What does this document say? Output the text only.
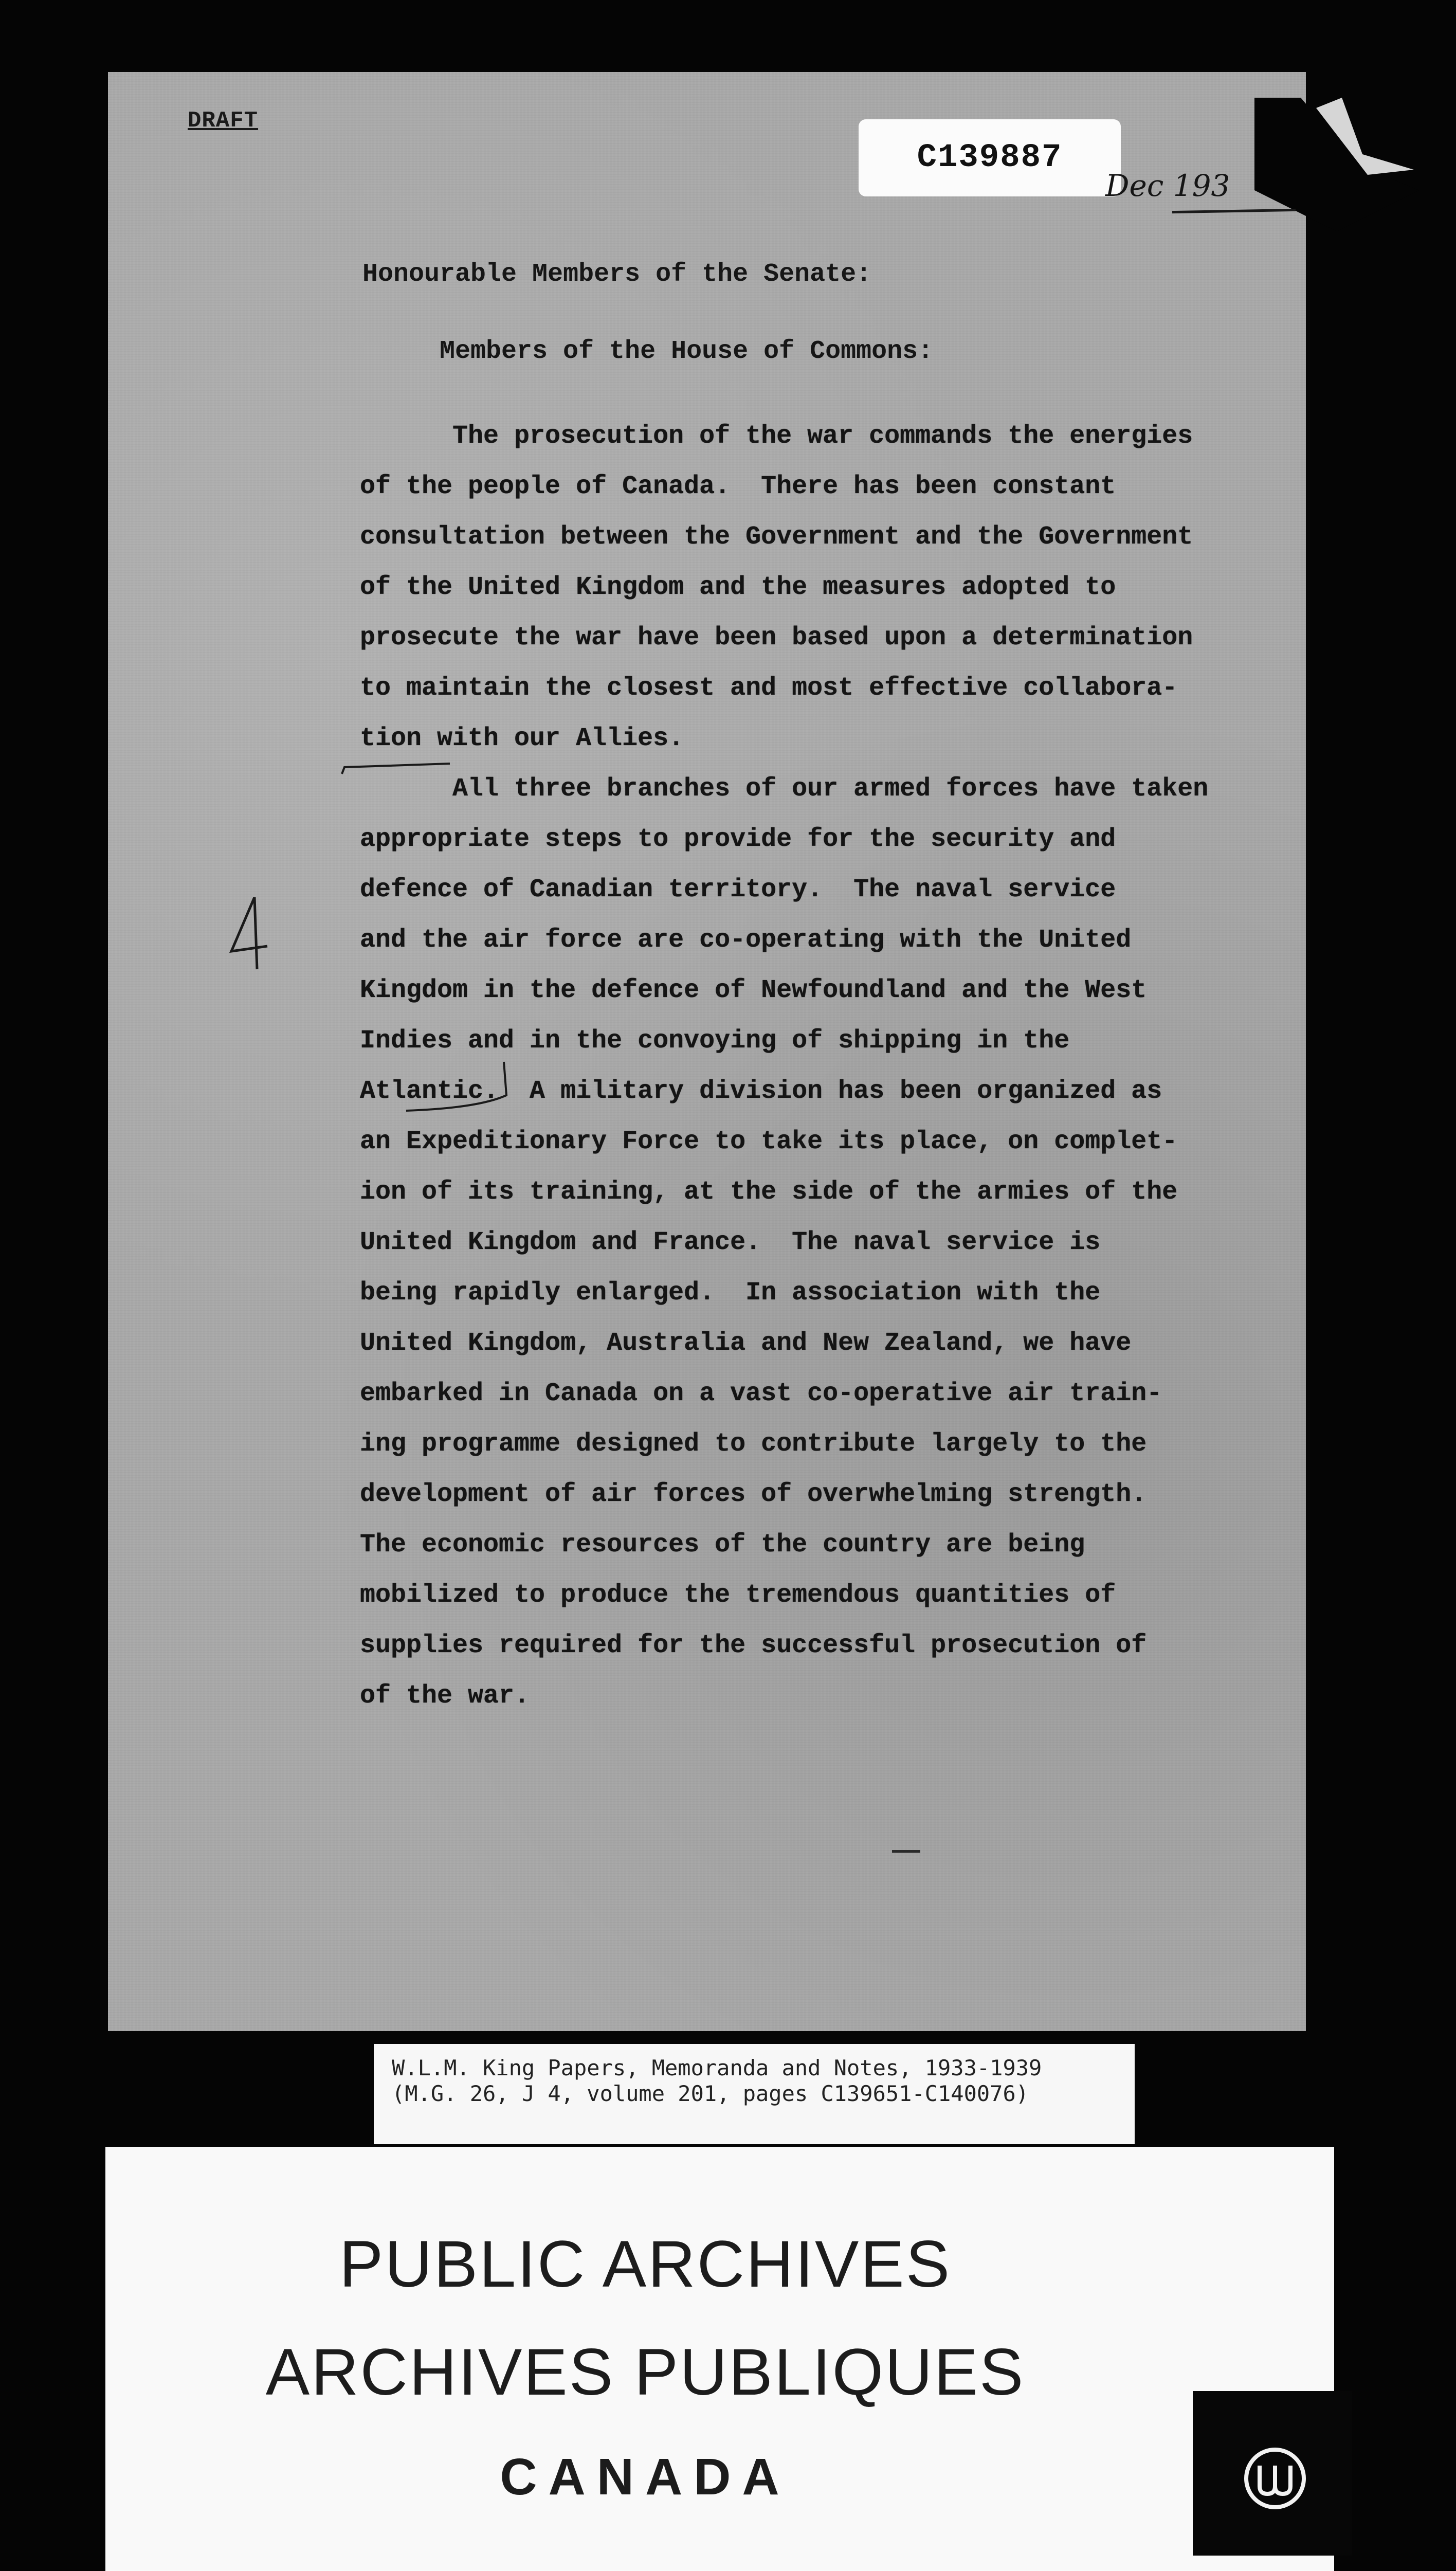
DRAFT
C139887
Dec 193
Honourable Members of the Senate:
Members of the House of Commons:
The prosecution of the war commands the energies
of the people of Canada.  There has been constant
consultation between the Government and the Government
of the United Kingdom and the measures adopted to
prosecute the war have been based upon a determination
to maintain the closest and most effective collabora-
tion with our Allies.
All three branches of our armed forces have taken
appropriate steps to provide for the security and
defence of Canadian territory.  The naval service
and the air force are co-operating with the United
Kingdom in the defence of Newfoundland and the West
Indies and in the convoying of shipping in the
Atlantic.  A military division has been organized as
an Expeditionary Force to take its place, on complet-
ion of its training, at the side of the armies of the
United Kingdom and France.  The naval service is
being rapidly enlarged.  In association with the
United Kingdom, Australia and New Zealand, we have
embarked in Canada on a vast co-operative air train-
ing programme designed to contribute largely to the
development of air forces of overwhelming strength.
The economic resources of the country are being
mobilized to produce the tremendous quantities of
supplies required for the successful prosecution of
of the war.
W.L.M. King Papers, Memoranda and Notes, 1933-1939
(M.G. 26, J 4, volume 201, pages C139651-C140076)
PUBLIC ARCHIVES
ARCHIVES PUBLIQUES
CANADA
